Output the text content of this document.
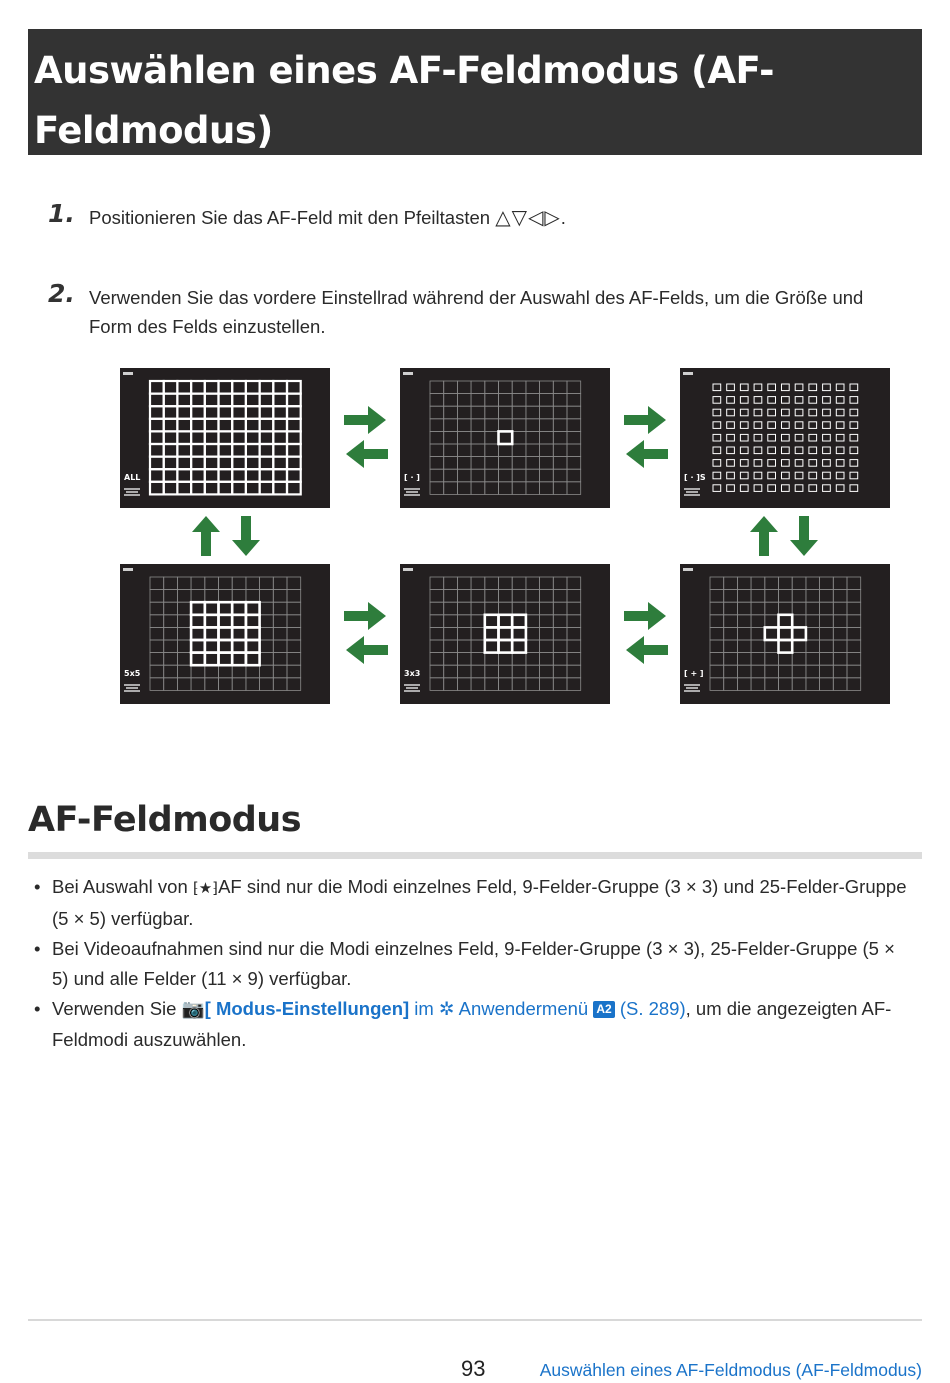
Auswählen eines AF-Feldmodus (AF-Feldmodus)
1. Positionieren Sie das AF-Feld mit den Pfeiltasten △▽◁▷.
2. Verwenden Sie das vordere Einstellrad während der Auswahl des AF-Felds, um die Größe und Form des Felds einzustellen.
ALL	[ · ]	[ · ]S
5x5	3x3	[ + ]
AF-Feldmodus
• Bei Auswahl von ⁅★⁆AF sind nur die Modi einzelnes Feld, 9-Felder-Gruppe (3 × 3) und 25-Felder-Gruppe (5 × 5) verfügbar.
• Bei Videoaufnahmen sind nur die Modi einzelnes Feld, 9-Felder-Gruppe (3 × 3), 25-Felder-Gruppe (5 × 5) und alle Felder (11 × 9) verfügbar.
• Verwenden Sie 📷[ Modus-Einstellungen] im ✲ Anwendermenü A2 (S. 289), um die angezeigten AF-Feldmodi auszuwählen.
93	Auswählen eines AF-Feldmodus (AF-Feldmodus)
